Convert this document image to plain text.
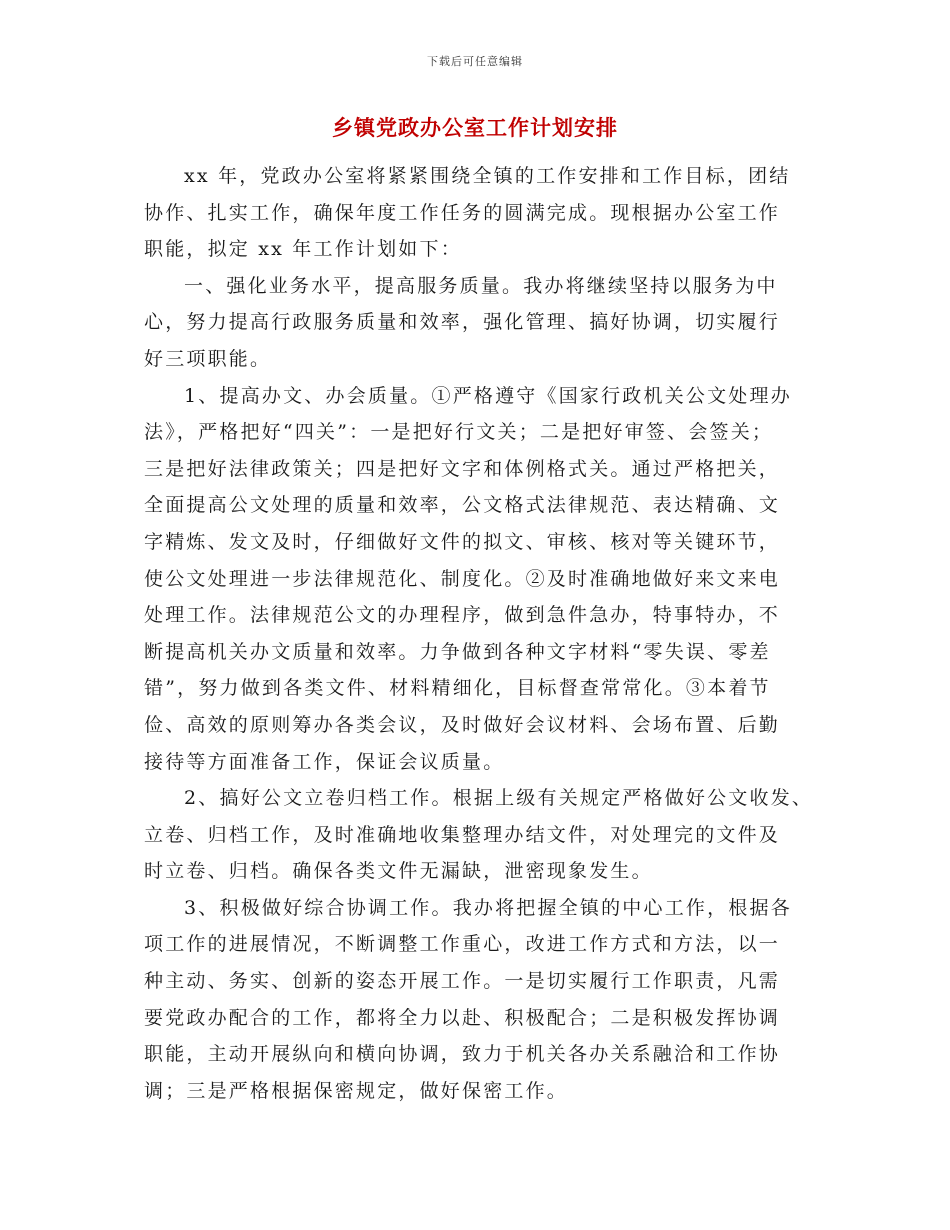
下载后可任意编辑
乡镇党政办公室工作计划安排

xx 年，党政办公室将紧紧围绕全镇的工作安排和工作目标，团结
协作、扎实工作，确保年度工作任务的圆满完成。现根据办公室工作
职能，拟定 xx 年工作计划如下：

一、强化业务水平，提高服务质量。我办将继续坚持以服务为中
心，努力提高行政服务质量和效率，强化管理、搞好协调，切实履行
好三项职能。

1、提高办文、办会质量。①严格遵守《国家行政机关公文处理办
法》，严格把好“四关”：一是把好行文关；二是把好审签、会签关；
三是把好法律政策关；四是把好文字和体例格式关。通过严格把关，
全面提高公文处理的质量和效率，公文格式法律规范、表达精确、文
字精炼、发文及时，仔细做好文件的拟文、审核、核对等关键环节，
使公文处理进一步法律规范化、制度化。②及时准确地做好来文来电
处理工作。法律规范公文的办理程序，做到急件急办，特事特办，不
断提高机关办文质量和效率。力争做到各种文字材料“零失误、零差
错”，努力做到各类文件、材料精细化，目标督查常常化。③本着节
俭、高效的原则筹办各类会议，及时做好会议材料、会场布置、后勤
接待等方面准备工作，保证会议质量。

2、搞好公文立卷归档工作。根据上级有关规定严格做好公文收发、
立卷、归档工作，及时准确地收集整理办结文件，对处理完的文件及
时立卷、归档。确保各类文件无漏缺，泄密现象发生。

3、积极做好综合协调工作。我办将把握全镇的中心工作，根据各
项工作的进展情况，不断调整工作重心，改进工作方式和方法，以一
种主动、务实、创新的姿态开展工作。一是切实履行工作职责，凡需
要党政办配合的工作，都将全力以赴、积极配合；二是积极发挥协调
职能，主动开展纵向和横向协调，致力于机关各办关系融洽和工作协
调；三是严格根据保密规定，做好保密工作。
